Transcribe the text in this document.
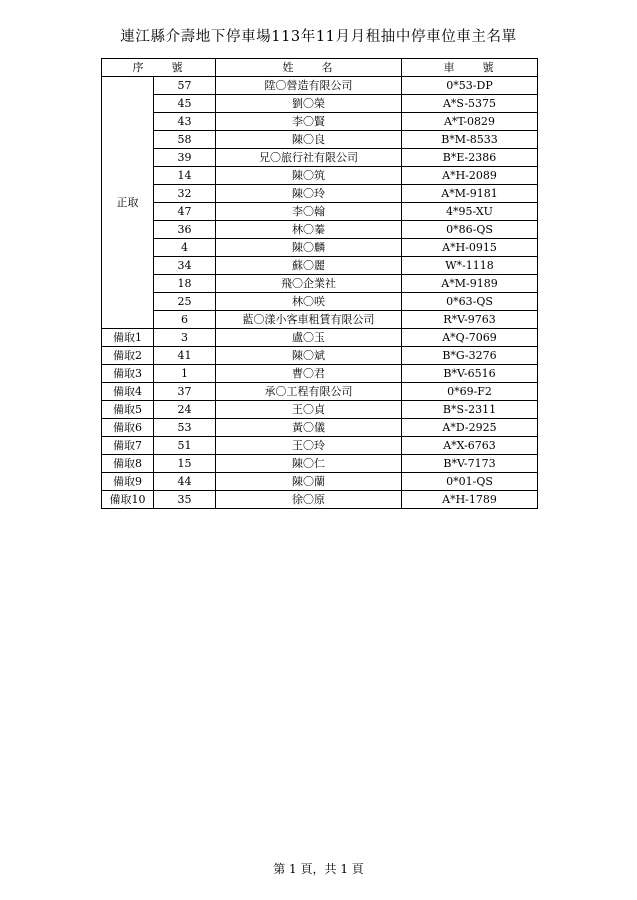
連江縣介壽地下停車場113年11月月租抽中停車位車主名單
序　　號		姓　　名	車　　號
正取	57	陞〇營造有限公司	0*53-DP
	45	劉〇榮	A*S-5375
	43	李〇賢	A*T-0829
	58	陳〇良	B*M-8533
	39	兄〇旅行社有限公司	B*E-2386
	14	陳〇筑	A*H-2089
	32	陳〇玲	A*M-9181
	47	李〇翰	4*95-XU
	36	林〇蓁	0*86-QS
	4	陳〇麟	A*H-0915
	34	蘇〇麗	W*-1118
	18	飛〇企業社	A*M-9189
	25	林〇咲	0*63-QS
	6	藍〇漾小客車租賃有限公司	R*V-9763
備取1	3	盧〇玉	A*Q-7069
備取2	41	陳〇斌	B*G-3276
備取3	1	曹〇君	B*V-6516
備取4	37	承〇工程有限公司	0*69-F2
備取5	24	王〇貞	B*S-2311
備取6	53	黃〇儀	A*D-2925
備取7	51	王〇玲	A*X-6763
備取8	15	陳〇仁	B*V-7173
備取9	44	陳〇蘭	0*01-QS
備取10	35	徐〇原	A*H-1789
第 1 頁，共 1 頁
